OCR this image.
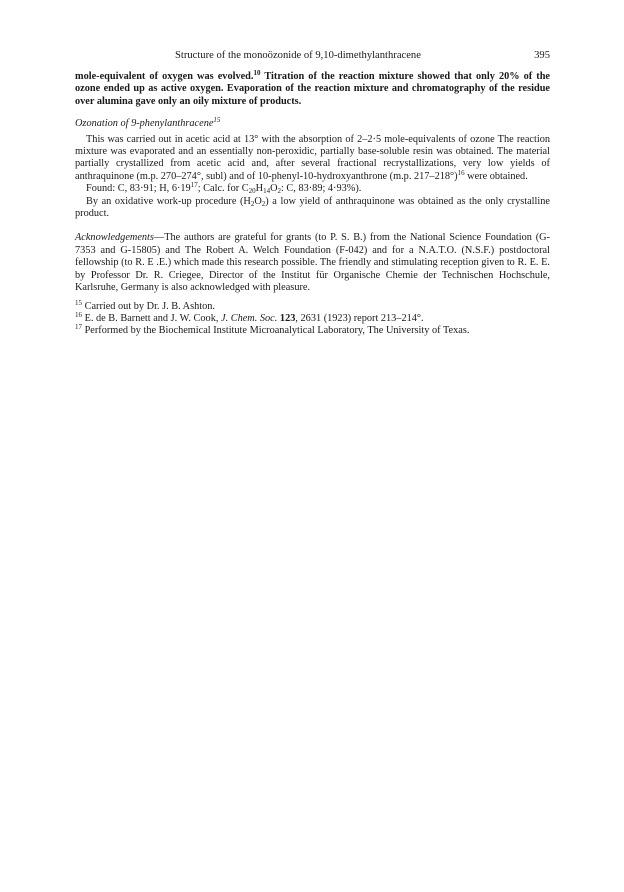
Structure of the monoözonide of 9,10-dimethylanthracene	395

mole-equivalent of oxygen was evolved.$^{10}$ Titration of the reaction mixture showed that only 20% of the ozone ended up as active oxygen. Evaporation of the reaction mixture and chromatography of the residue over alumina gave only an oily mixture of products.

Ozonation of 9-phenylanthracene$^{15}$

This was carried out in acetic acid at 13° with the absorption of 2–2·5 mole-equivalents of ozone The reaction mixture was evaporated and an essentially non-peroxidic, partially base-soluble resin was obtained. The material partially crystallized from acetic acid and, after several fractional recrystallizations, very low yields of anthraquinone (m.p. 270–274°, subl) and of 10-phenyl-10-hydroxyanthrone (m.p. 217–218°)$^{16}$ were obtained.

Found: C, 83·91; H, $6\cdot 19^{17}$; Calc. for $C_{20}H_{14}O_2$: C, 83·89; 4·93%).

By an oxidative work-up procedure $(H_2O_2)$ a low yield of anthraquinone was obtained as the only crystalline product.

Acknowledgements—The authors are grateful for grants (to P. S. B.) from the National Science Foundation (G-7353 and G-15805) and The Robert A. Welch Foundation (F-042) and for a N.A.T.O. (N.S.F.) postdoctoral fellowship (to R. E .E.) which made this research possible. The friendly and stimulating reception given to R. E. E. by Professor Dr. R. Criegee, Director of the Institut für Organische Chemie der Technischen Hochschule, Karlsruhe, Germany is also acknowledged with pleasure.

$^{15}$ Carried out by Dr. J. B. Ashton.

$^{16}$ E. de B. Barnett and J. W. Cook, J. Chem. Soc. 123, 2631 (1923) report 213–214°.

$^{17}$ Performed by the Biochemical Institute Microanalytical Laboratory, The University of Texas.
